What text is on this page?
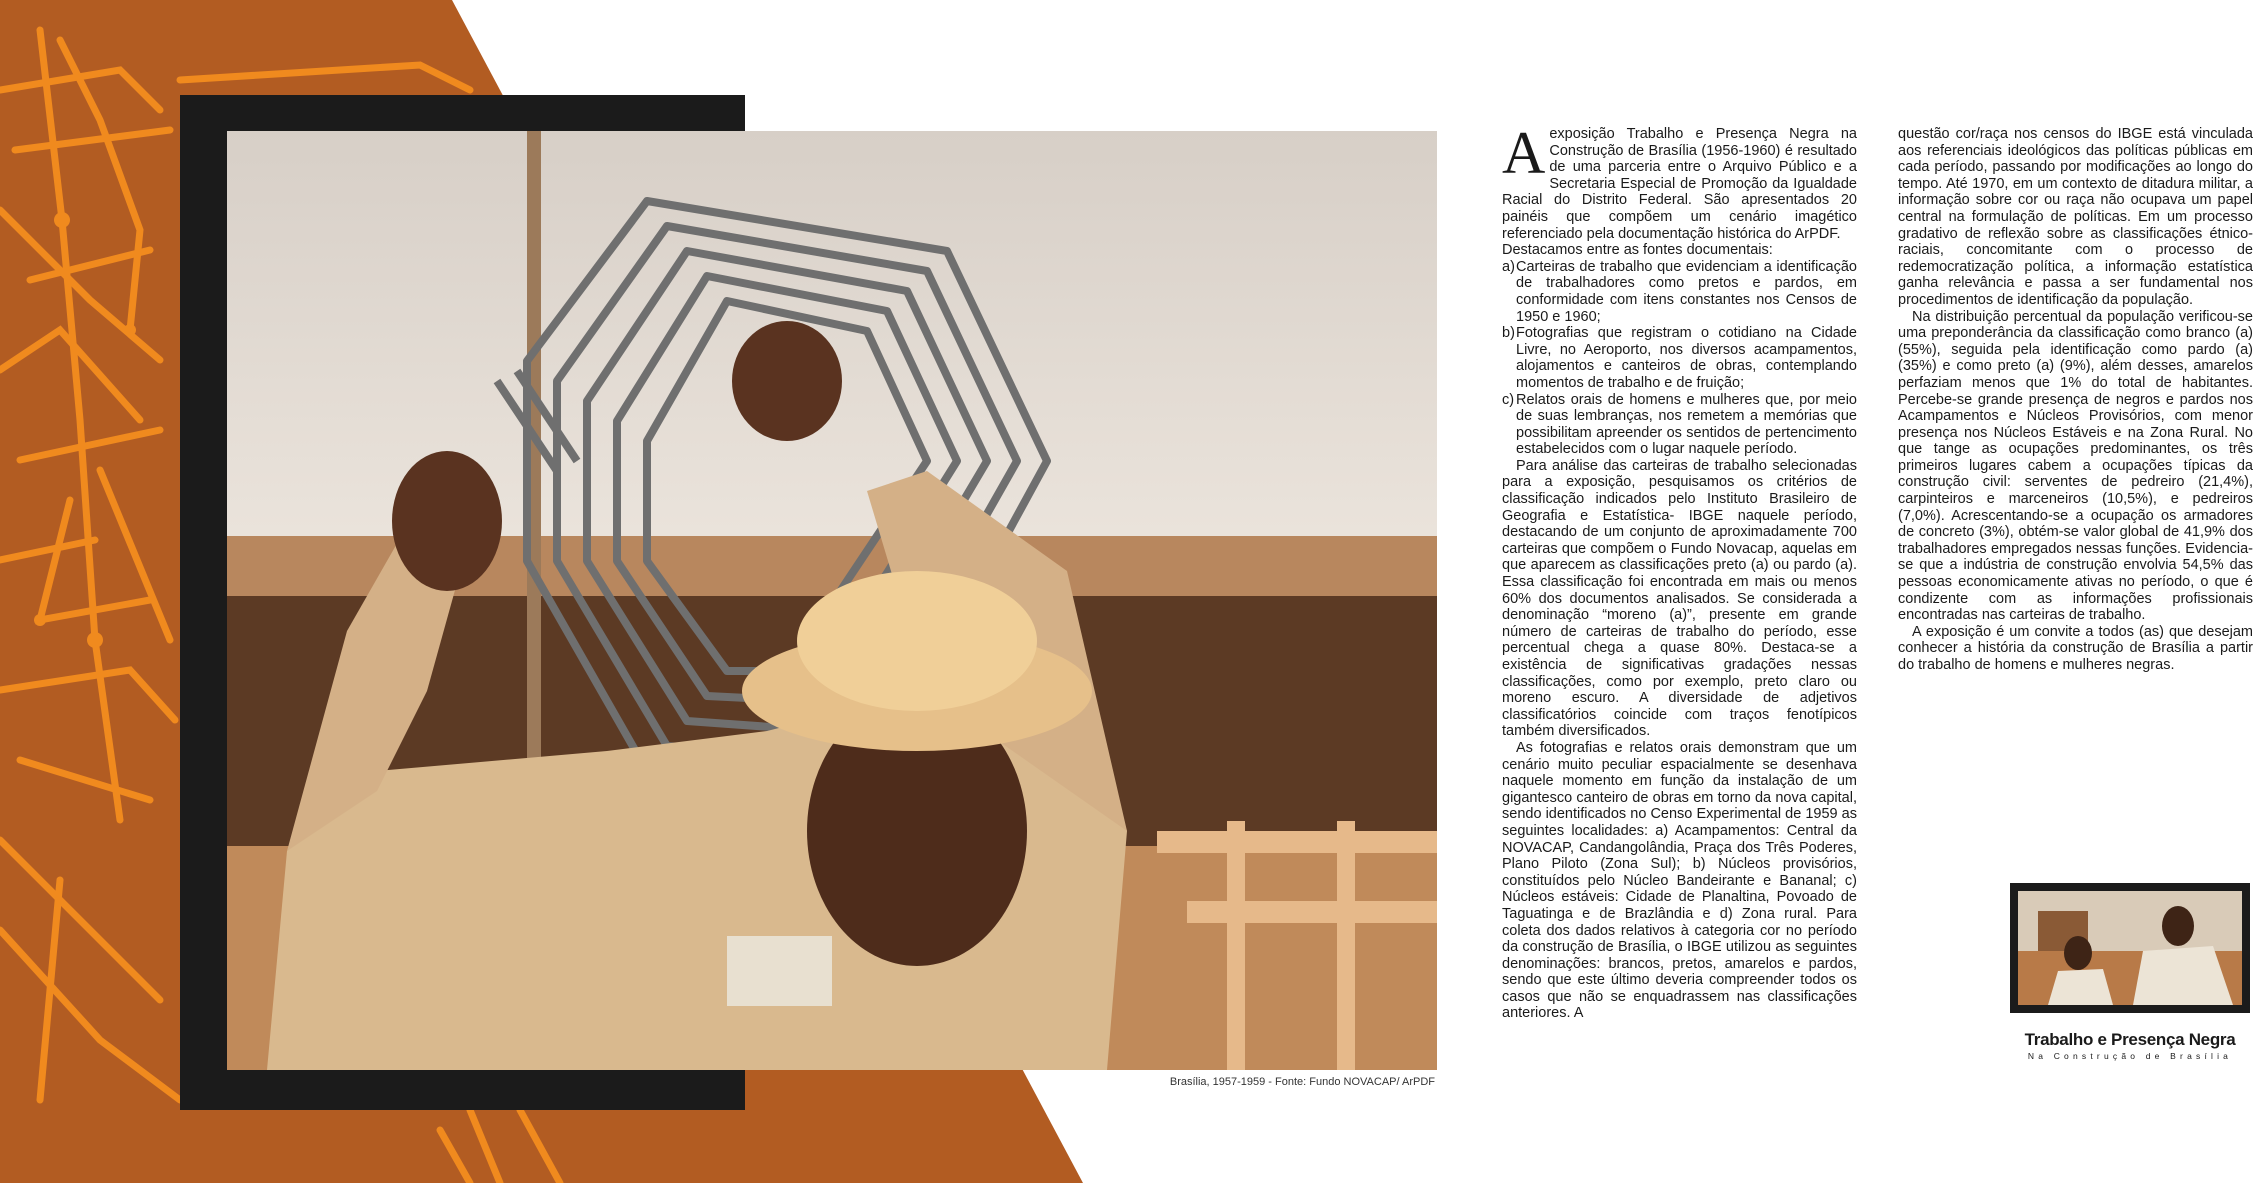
Brasília, 1957-1959 - Fonte: Fundo NOVACAP/ ArPDF

Aexposição Trabalho e Presença Negra na Construção de Brasília (1956-1960) é resultado de uma parceria entre o Arquivo Público e a Secretaria Especial de Promoção da Igualdade Racial do Distrito Federal. São apresentados 20 painéis que compõem um cenário imagético referenciado pela documentação histórica do ArPDF.

Destacamos entre as fontes documentais:

a) Carteiras de trabalho que evidenciam a identificação de trabalhadores como pretos e pardos, em conformidade com itens constantes nos Censos de 1950 e 1960;
b) Fotografias que registram o cotidiano na Cidade Livre, no Aeroporto, nos diversos acampamentos, alojamentos e canteiros de obras, contemplando momentos de trabalho e de fruição;
c) Relatos orais de homens e mulheres que, por meio de suas lembranças, nos remetem a memórias que possibilitam apreender os sentidos de pertencimento estabelecidos com o lugar naquele período.

Para análise das carteiras de trabalho selecionadas para a exposição, pesquisamos os critérios de classificação indicados pelo Instituto Brasileiro de Geografia e Estatística- IBGE naquele período, destacando de um conjunto de aproximadamente 700 carteiras que compõem o Fundo Novacap, aquelas em que aparecem as classificações preto (a) ou pardo (a). Essa classificação foi encontrada em mais ou menos 60% dos documentos analisados. Se considerada a denominação “moreno (a)”, presente em grande número de carteiras de trabalho do período, esse percentual chega a quase 80%. Destaca-se a existência de significativas gradações nessas classificações, como por exemplo, preto claro ou moreno escuro. A diversidade de adjetivos classificatórios coincide com traços fenotípicos também diversificados.

As fotografias e relatos orais demonstram que um cenário muito peculiar espacialmente se desenhava naquele momento em função da instalação de um gigantesco canteiro de obras em torno da nova capital, sendo identificados no Censo Experimental de 1959 as seguintes localidades: a) Acampamentos: Central da NOVACAP, Candangolândia, Praça dos Três Poderes, Plano Piloto (Zona Sul); b) Núcleos provisórios, constituídos pelo Núcleo Bandeirante e Bananal; c) Núcleos estáveis: Cidade de Planaltina, Povoado de Taguatinga e de Brazlândia e d) Zona rural. Para coleta dos dados relativos à categoria cor no período da construção de Brasília, o IBGE utilizou as seguintes denominações: brancos, pretos, amarelos e pardos, sendo que este último deveria compreender todos os casos que não se enquadrassem nas classificações anteriores. A

questão cor/raça nos censos do IBGE está vinculada aos referenciais ideológicos das políticas públicas em cada período, passando por modificações ao longo do tempo. Até 1970, em um contexto de ditadura militar, a informação sobre cor ou raça não ocupava um papel central na formulação de políticas. Em um processo gradativo de reflexão sobre as classificações étnico-raciais, concomitante com o processo de redemocratização política, a informação estatística ganha relevância e passa a ser fundamental nos procedimentos de identificação da população.

Na distribuição percentual da população verificou-se uma preponderância da classificação como branco (a) (55%), seguida pela identificação como pardo (a) (35%) e como preto (a) (9%), além desses, amarelos perfaziam menos que 1% do total de habitantes. Percebe-se grande presença de negros e pardos nos Acampamentos e Núcleos Provisórios, com menor presença nos Núcleos Estáveis e na Zona Rural. No que tange as ocupações predominantes, os três primeiros lugares cabem a ocupações típicas da construção civil: serventes de pedreiro (21,4%), carpinteiros e marceneiros (10,5%), e pedreiros (7,0%). Acrescentando-se a ocupação os armadores de concreto (3%), obtém-se valor global de 41,9% dos trabalhadores empregados nessas funções. Evidencia-se que a indústria de construção envolvia 54,5% das pessoas economicamente ativas no período, o que é condizente com as informações profissionais encontradas nas carteiras de trabalho.

A exposição é um convite a todos (as) que desejam conhecer a história da construção de Brasília a partir do trabalho de homens e mulheres negras.

Trabalho e Presença Negra
Na Construção de Brasília
